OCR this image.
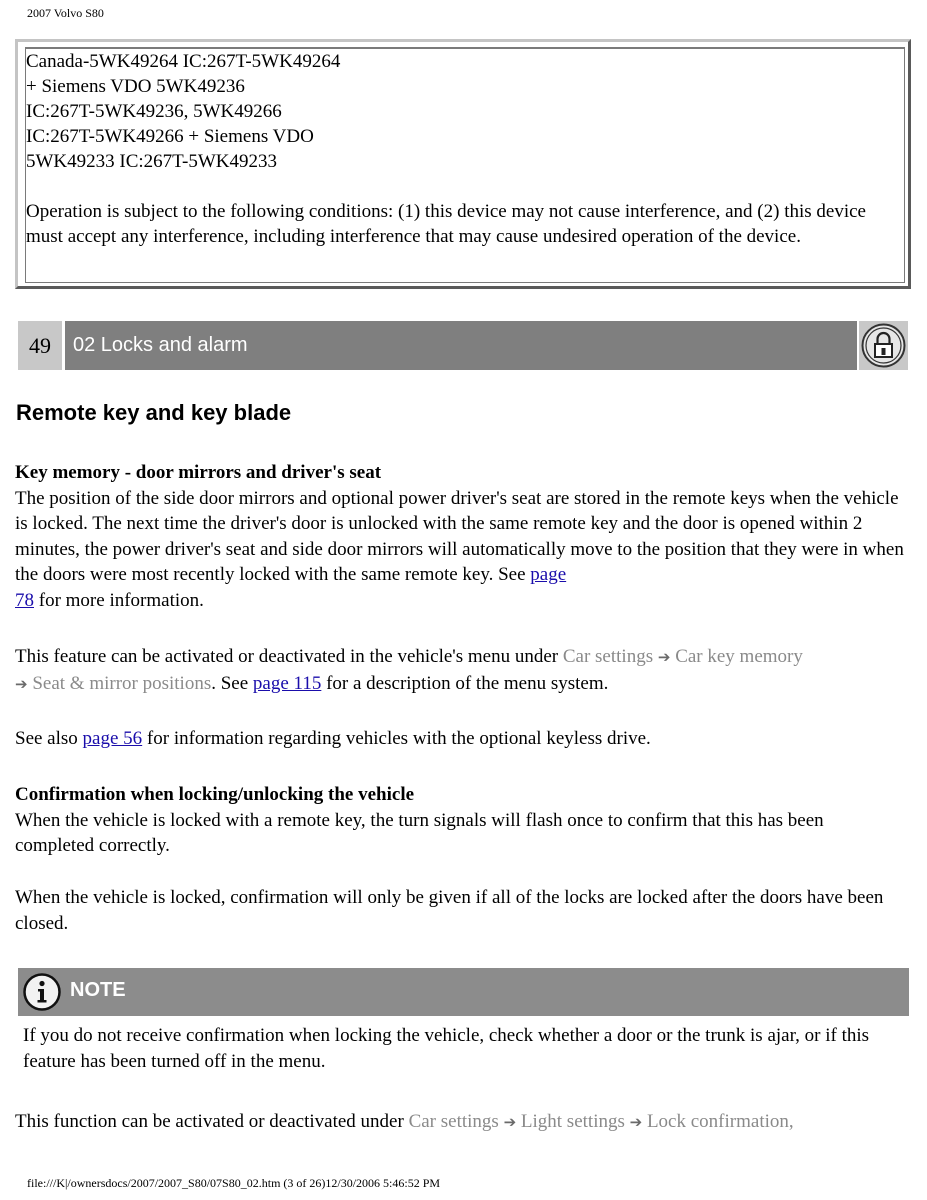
2007 Volvo S80

Canada-5WK49264 IC:267T-5WK49264
+ Siemens VDO 5WK49236
IC:267T-5WK49236, 5WK49266
IC:267T-5WK49266 + Siemens VDO
5WK49233 IC:267T-5WK49233

Operation is subject to the following conditions: (1) this device may not cause interference, and (2) this device must accept any interference, including interference that may cause undesired operation of the device.

49	02 Locks and alarm
Remote key and key blade

Key memory - door mirrors and driver's seat
The position of the side door mirrors and optional power driver's seat are stored in the remote keys when the vehicle is locked. The next time the driver's door is unlocked with the same remote key and the door is opened within 2 minutes, the power driver's seat and side door mirrors will automatically move to the position that they were in when the doors were most recently locked with the same remote key. See page
78 for more information.

This feature can be activated or deactivated in the vehicle's menu under Car settings ➔ Car key memory
➔ Seat & mirror positions. See page 115 for a description of the menu system.

See also page 56 for information regarding vehicles with the optional keyless drive.

Confirmation when locking/unlocking the vehicle
When the vehicle is locked with a remote key, the turn signals will flash once to confirm that this has been completed correctly.

When the vehicle is locked, confirmation will only be given if all of the locks are locked after the doors have been closed.

NOTE

If you do not receive confirmation when locking the vehicle, check whether a door or the trunk is ajar, or if this feature has been turned off in the menu.

This function can be activated or deactivated under Car settings ➔ Light settings ➔ Lock confirmation,

file:///K|/ownersdocs/2007/2007_S80/07S80_02.htm (3 of 26)12/30/2006 5:46:52 PM
